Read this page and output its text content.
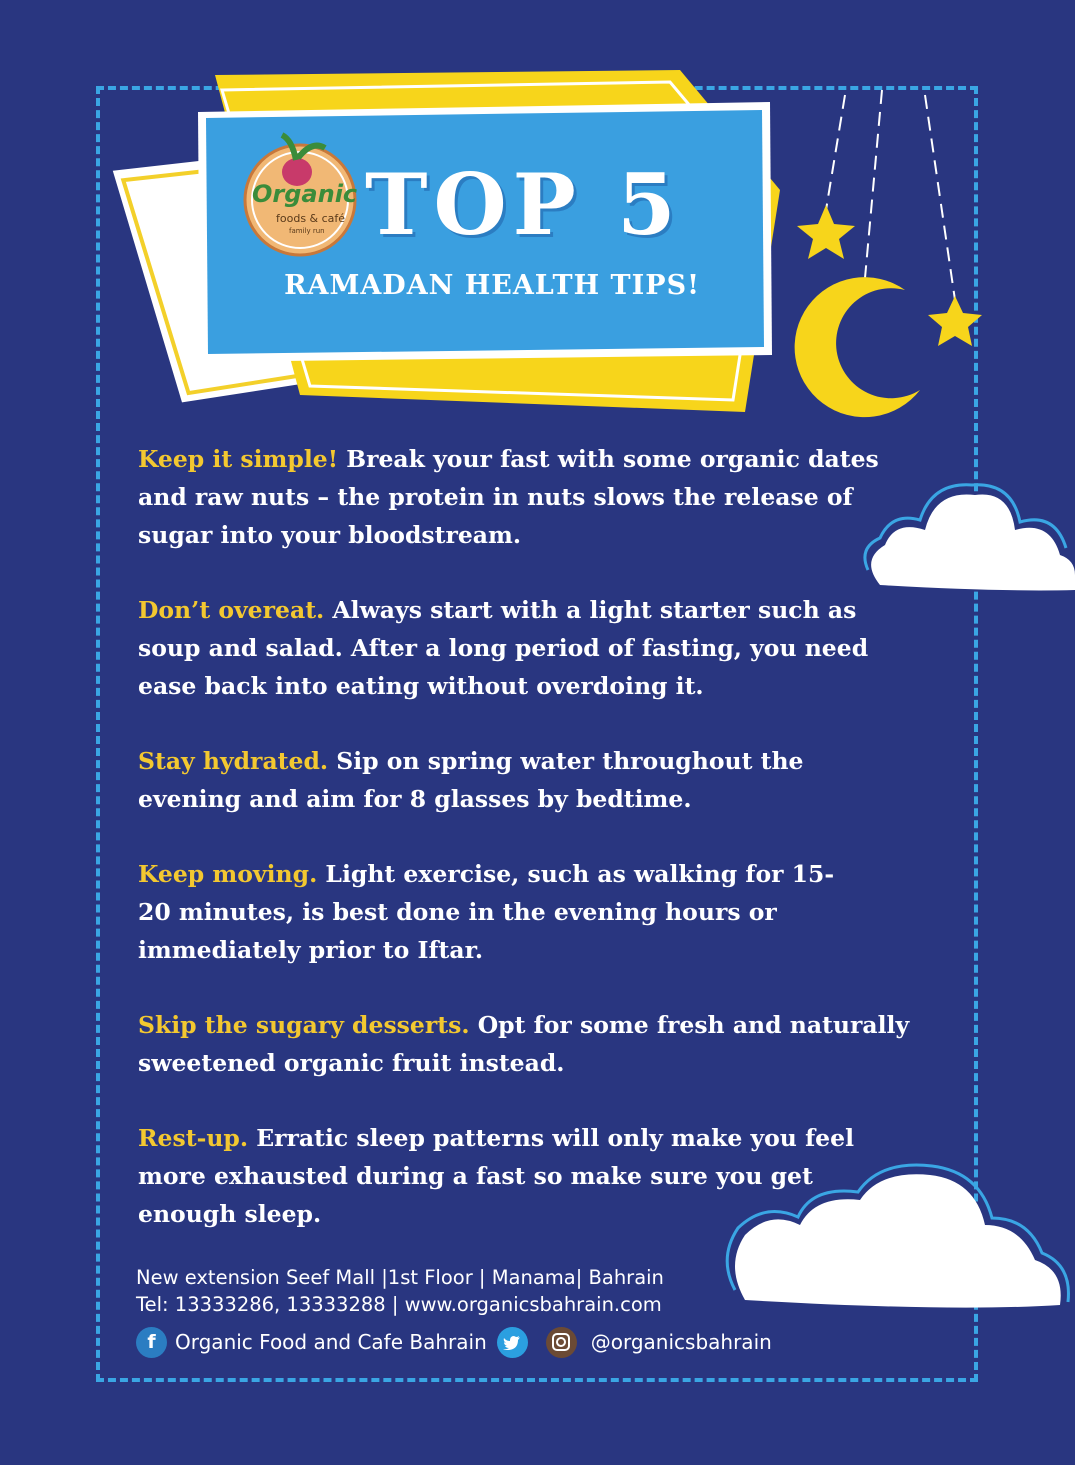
Organic
foods & café
family run TOP 5
RAMADAN HEALTH TIPS!

Keep it simple! Break your fast with some organic dates and raw nuts – the protein in nuts slows the release of sugar into your bloodstream.

Don’t overeat. Always start with a light starter such as soup and salad. After a long period of fasting, you need ease back into eating without overdoing it.

Stay hydrated. Sip on spring water throughout the evening and aim for 8 glasses by bedtime.

Keep moving. Light exercise, such as walking for 15-20 minutes, is best done in the evening hours or immediately prior to Iftar.

Skip the sugary desserts. Opt for some fresh and naturally sweetened organic fruit instead.

Rest-up. Erratic sleep patterns will only make you feel more exhausted during a fast so make sure you get enough sleep.

New extension Seef Mall |1st Floor | Manama| Bahrain
Tel: 13333286, 13333288 | www.organicsbahrain.com
f Organic Food and Cafe Bahrain	@organicsbahrain
